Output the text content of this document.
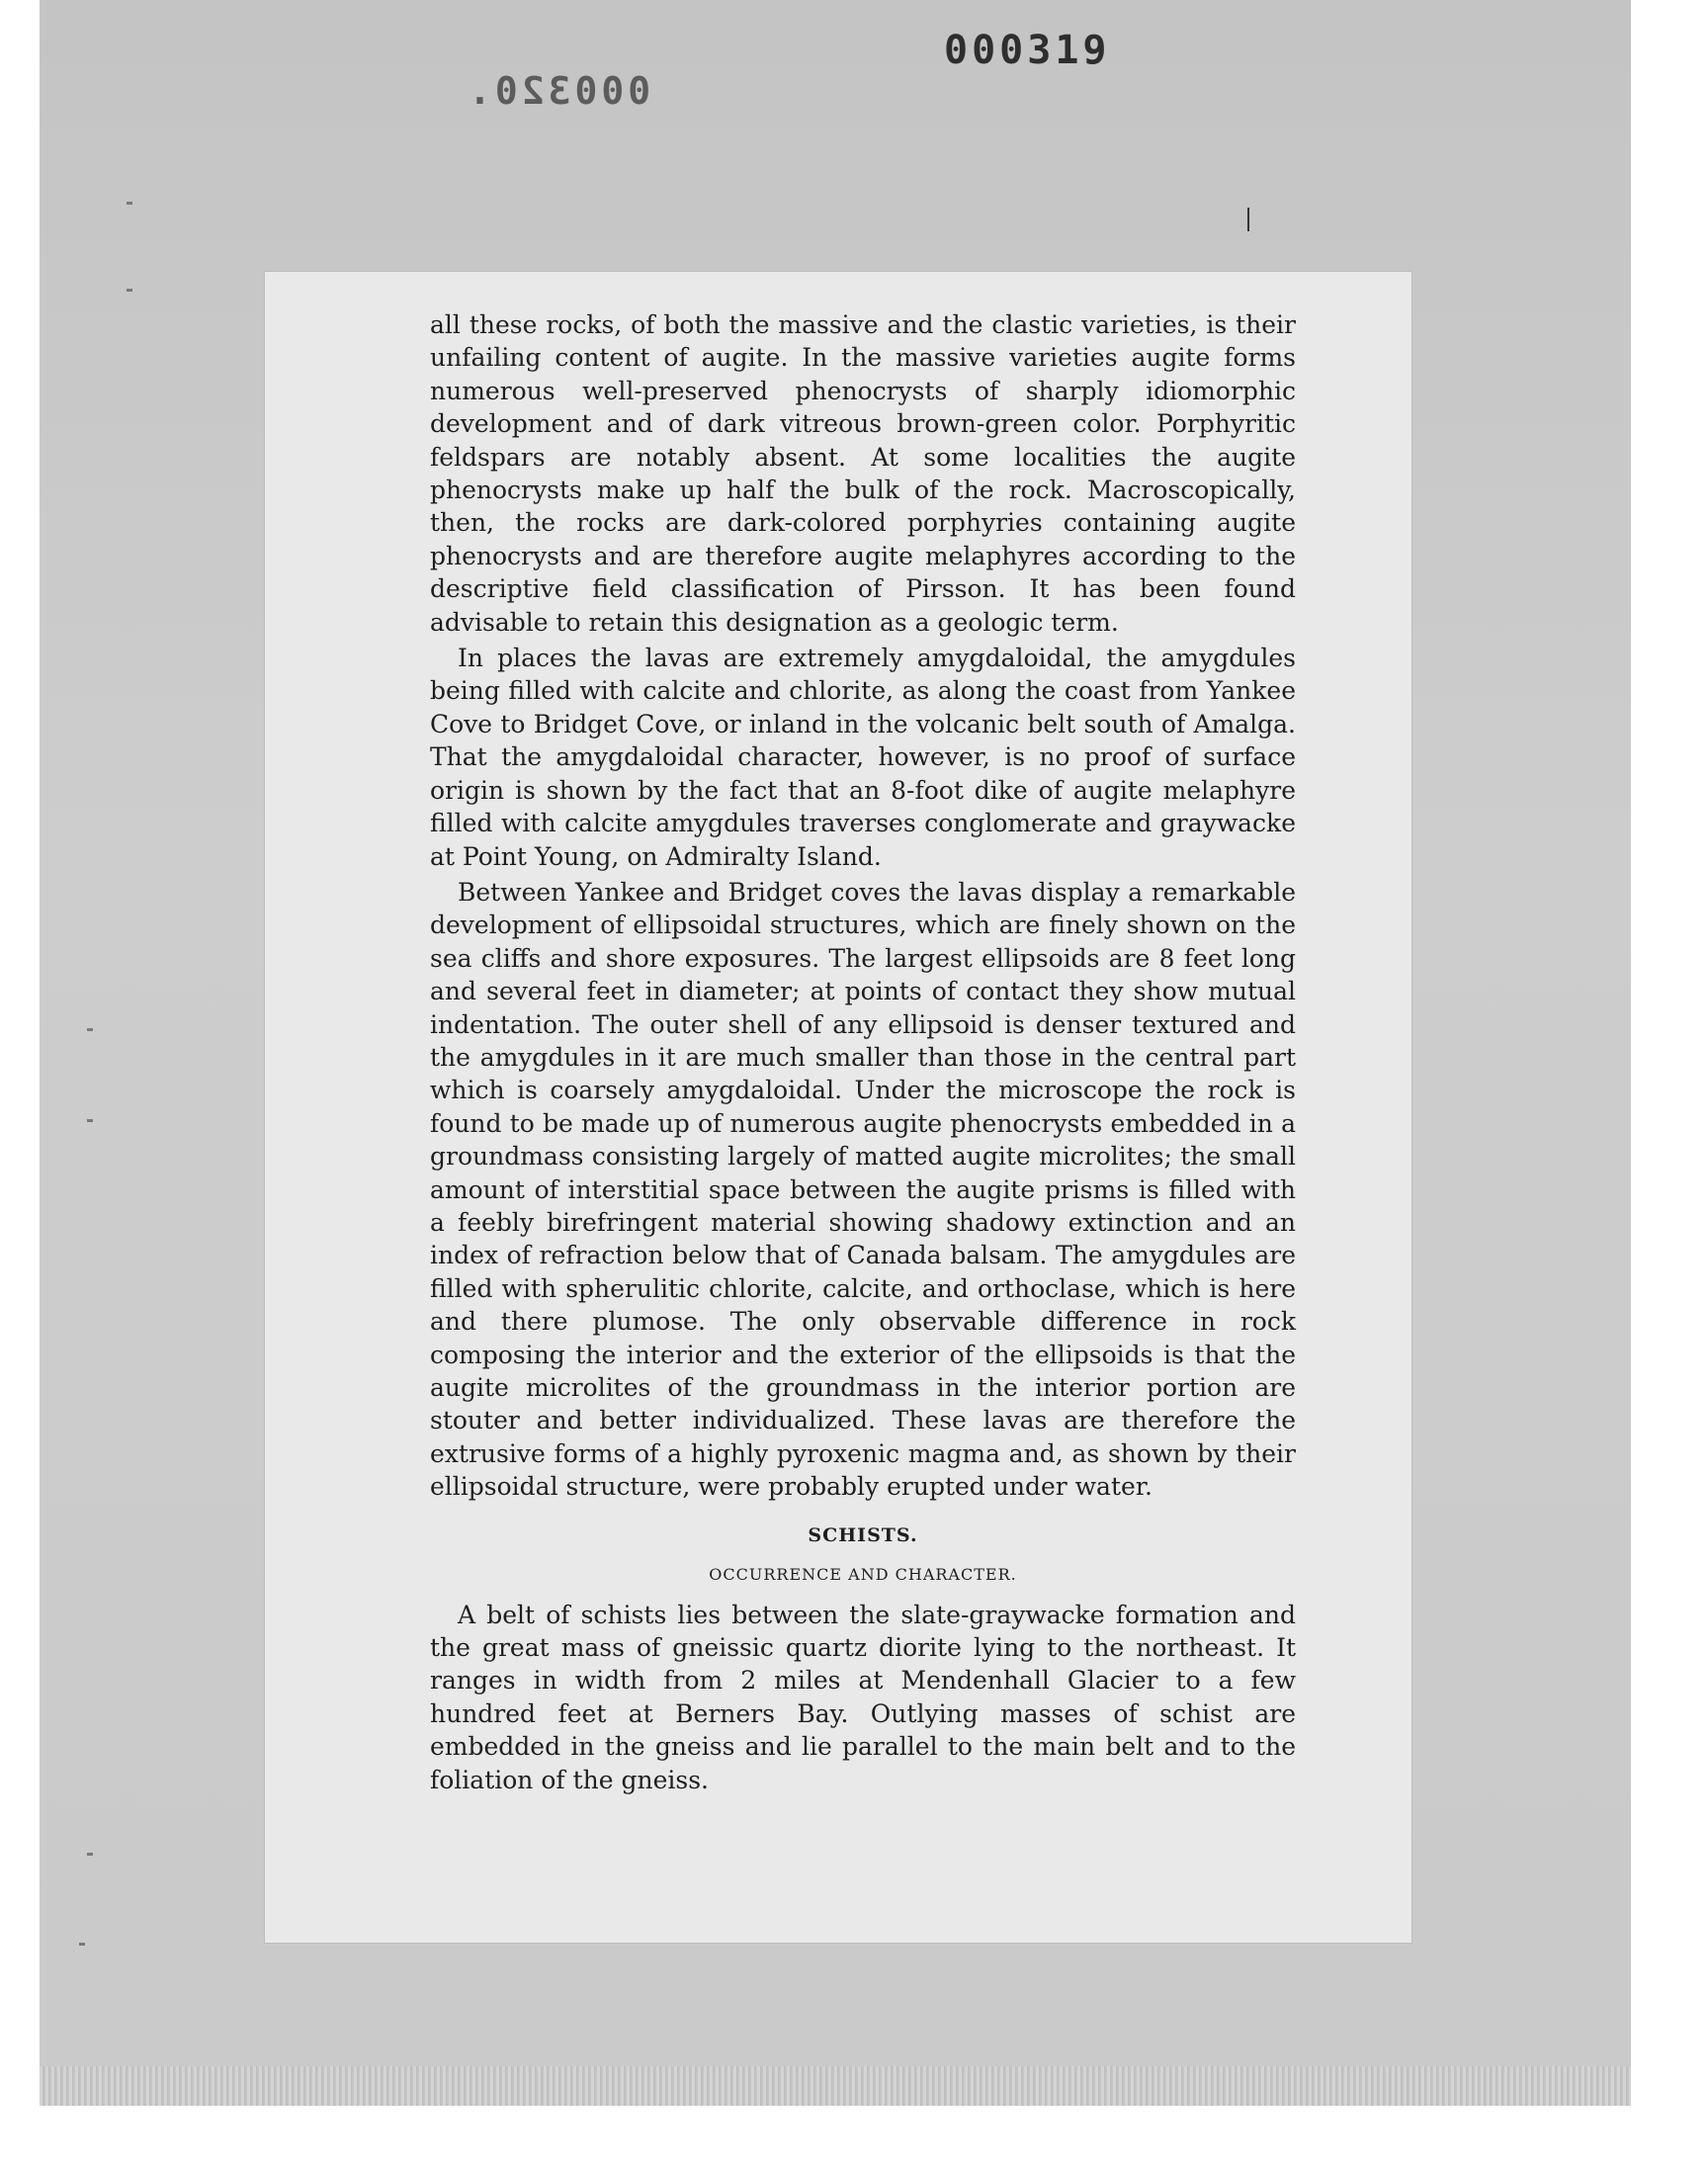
000319
000320.

all these rocks, of both the massive and the clastic varieties, is their unfailing content of augite. In the massive varieties augite forms numerous well-preserved phenocrysts of sharply idiomorphic development and of dark vitreous brown-green color. Porphyritic feldspars are notably absent. At some localities the augite phenocrysts make up half the bulk of the rock. Macroscopically, then, the rocks are dark-colored porphyries containing augite phenocrysts and are therefore augite melaphyres according to the descriptive field classification of Pirsson. It has been found advisable to retain this designation as a geologic term.

In places the lavas are extremely amygdaloidal, the amygdules being filled with calcite and chlorite, as along the coast from Yankee Cove to Bridget Cove, or inland in the volcanic belt south of Amalga. That the amygdaloidal character, however, is no proof of surface origin is shown by the fact that an 8-foot dike of augite melaphyre filled with calcite amygdules traverses conglomerate and graywacke at Point Young, on Admiralty Island.

Between Yankee and Bridget coves the lavas display a remarkable development of ellipsoidal structures, which are finely shown on the sea cliffs and shore exposures. The largest ellipsoids are 8 feet long and several feet in diameter; at points of contact they show mutual indentation. The outer shell of any ellipsoid is denser textured and the amygdules in it are much smaller than those in the central part which is coarsely amygdaloidal. Under the microscope the rock is found to be made up of numerous augite phenocrysts embedded in a groundmass consisting largely of matted augite microlites; the small amount of interstitial space between the augite prisms is filled with a feebly birefringent material showing shadowy extinction and an index of refraction below that of Canada balsam. The amygdules are filled with spherulitic chlorite, calcite, and orthoclase, which is here and there plumose. The only observable difference in rock composing the interior and the exterior of the ellipsoids is that the augite microlites of the groundmass in the interior portion are stouter and better individualized. These lavas are therefore the extrusive forms of a highly pyroxenic magma and, as shown by their ellipsoidal structure, were probably erupted under water.

SCHISTS.
OCCURRENCE AND CHARACTER.

A belt of schists lies between the slate-graywacke formation and the great mass of gneissic quartz diorite lying to the northeast. It ranges in width from 2 miles at Mendenhall Glacier to a few hundred feet at Berners Bay. Outlying masses of schist are embedded in the gneiss and lie parallel to the main belt and to the foliation of the gneiss.
